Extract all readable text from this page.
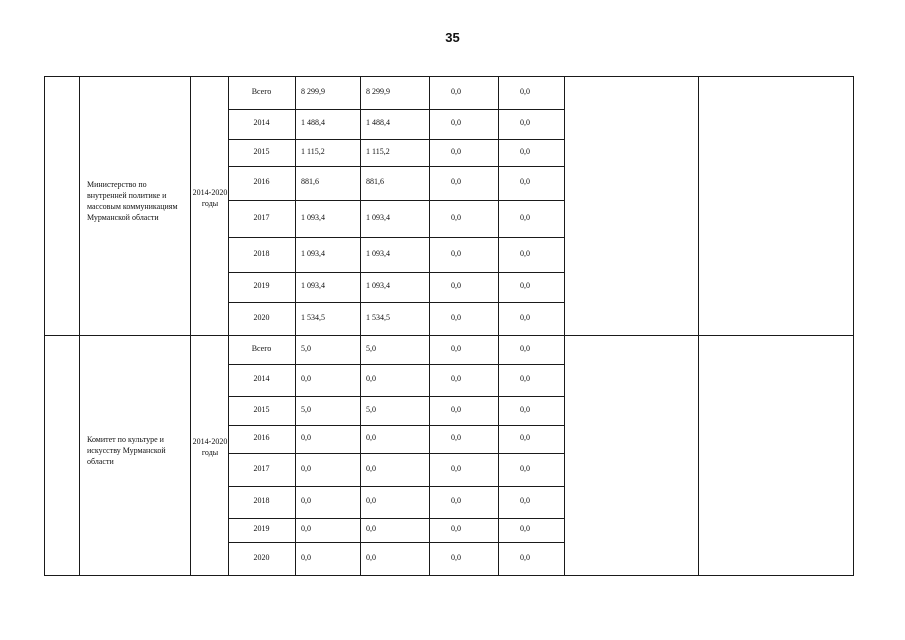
35
Министерство по внутренней политике и массовым коммуникациям Мурманской области
2014-2020 годы
Всего	8 299,9	8 299,9	0,0	0,0
2014	1 488,4	1 488,4	0,0	0,0
2015	1 115,2	1 115,2	0,0	0,0
2016	881,6	881,6	0,0	0,0
2017	1 093,4	1 093,4	0,0	0,0
2018	1 093,4	1 093,4	0,0	0,0
2019	1 093,4	1 093,4	0,0	0,0
2020	1 534,5	1 534,5	0,0	0,0
Комитет по культуре и искусству Мурманской области
2014-2020 годы
Всего	5,0	5,0	0,0	0,0
2014	0,0	0,0	0,0	0,0
2015	5,0	5,0	0,0	0,0
2016	0,0	0,0	0,0	0,0
2017	0,0	0,0	0,0	0,0
2018	0,0	0,0	0,0	0,0
2019	0,0	0,0	0,0	0,0
2020	0,0	0,0	0,0	0,0
